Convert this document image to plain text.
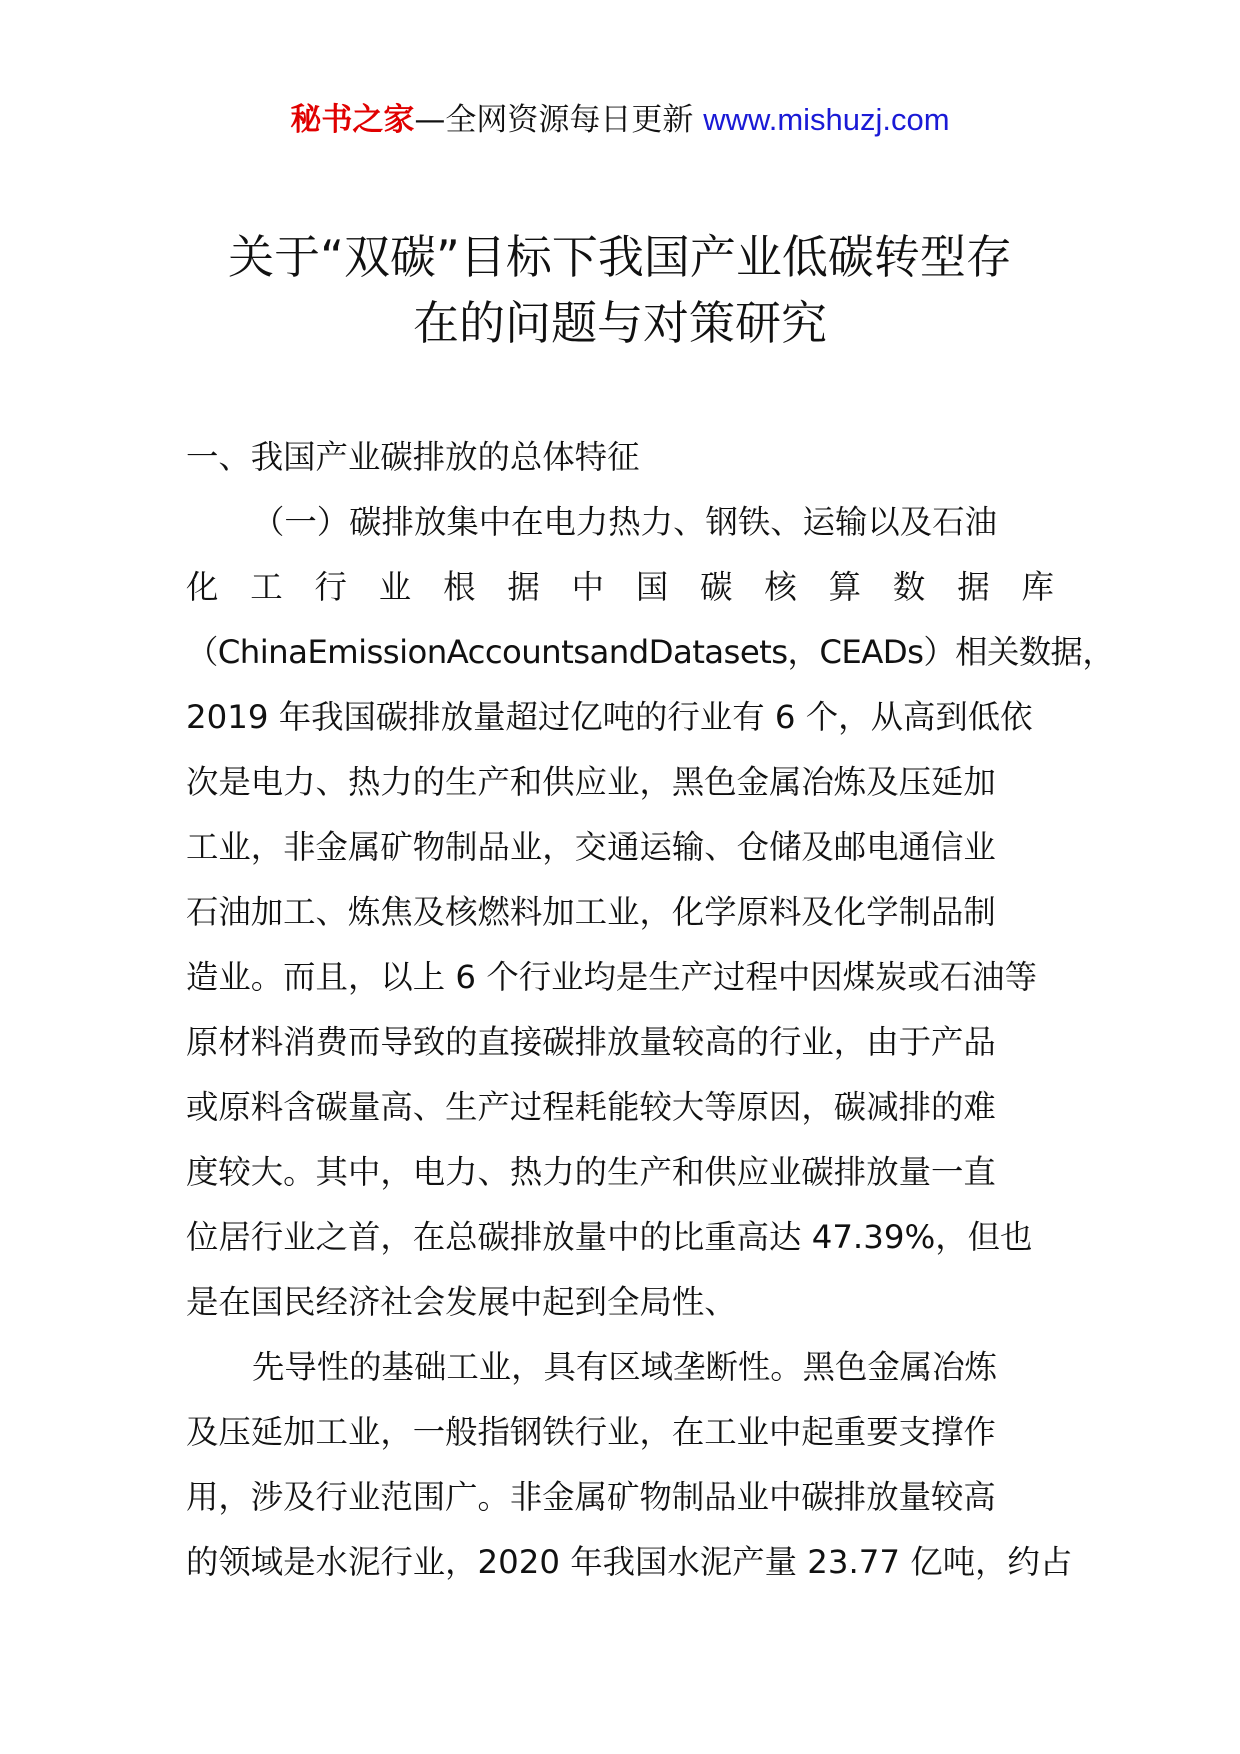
秘书之家—全网资源每日更新 www.mishuzj.com
关于“双碳”目标下我国产业低碳转型存
在的问题与对策研究

一、我国产业碳排放的总体特征

（一）碳排放集中在电力热力、钢铁、运输以及石油
化 工 行 业 根 据 中 国 碳 核 算 数 据 库
（ChinaEmissionAccountsandDatasets，CEADs）相关数据，
2019 年我国碳排放量超过亿吨的行业有 6 个，从高到低依
次是电力、热力的生产和供应业，黑色金属冶炼及压延加
工业，非金属矿物制品业，交通运输、仓储及邮电通信业
石油加工、炼焦及核燃料加工业，化学原料及化学制品制
造业。而且，以上 6 个行业均是生产过程中因煤炭或石油等
原材料消费而导致的直接碳排放量较高的行业，由于产品
或原料含碳量高、生产过程耗能较大等原因，碳减排的难
度较大。其中，电力、热力的生产和供应业碳排放量一直
位居行业之首，在总碳排放量中的比重高达 47.39%，但也
是在国民经济社会发展中起到全局性、
先导性的基础工业，具有区域垄断性。黑色金属冶炼
及压延加工业，一般指钢铁行业，在工业中起重要支撑作
用，涉及行业范围广。非金属矿物制品业中碳排放量较高
的领域是水泥行业，2020 年我国水泥产量 23.77 亿吨，约占
